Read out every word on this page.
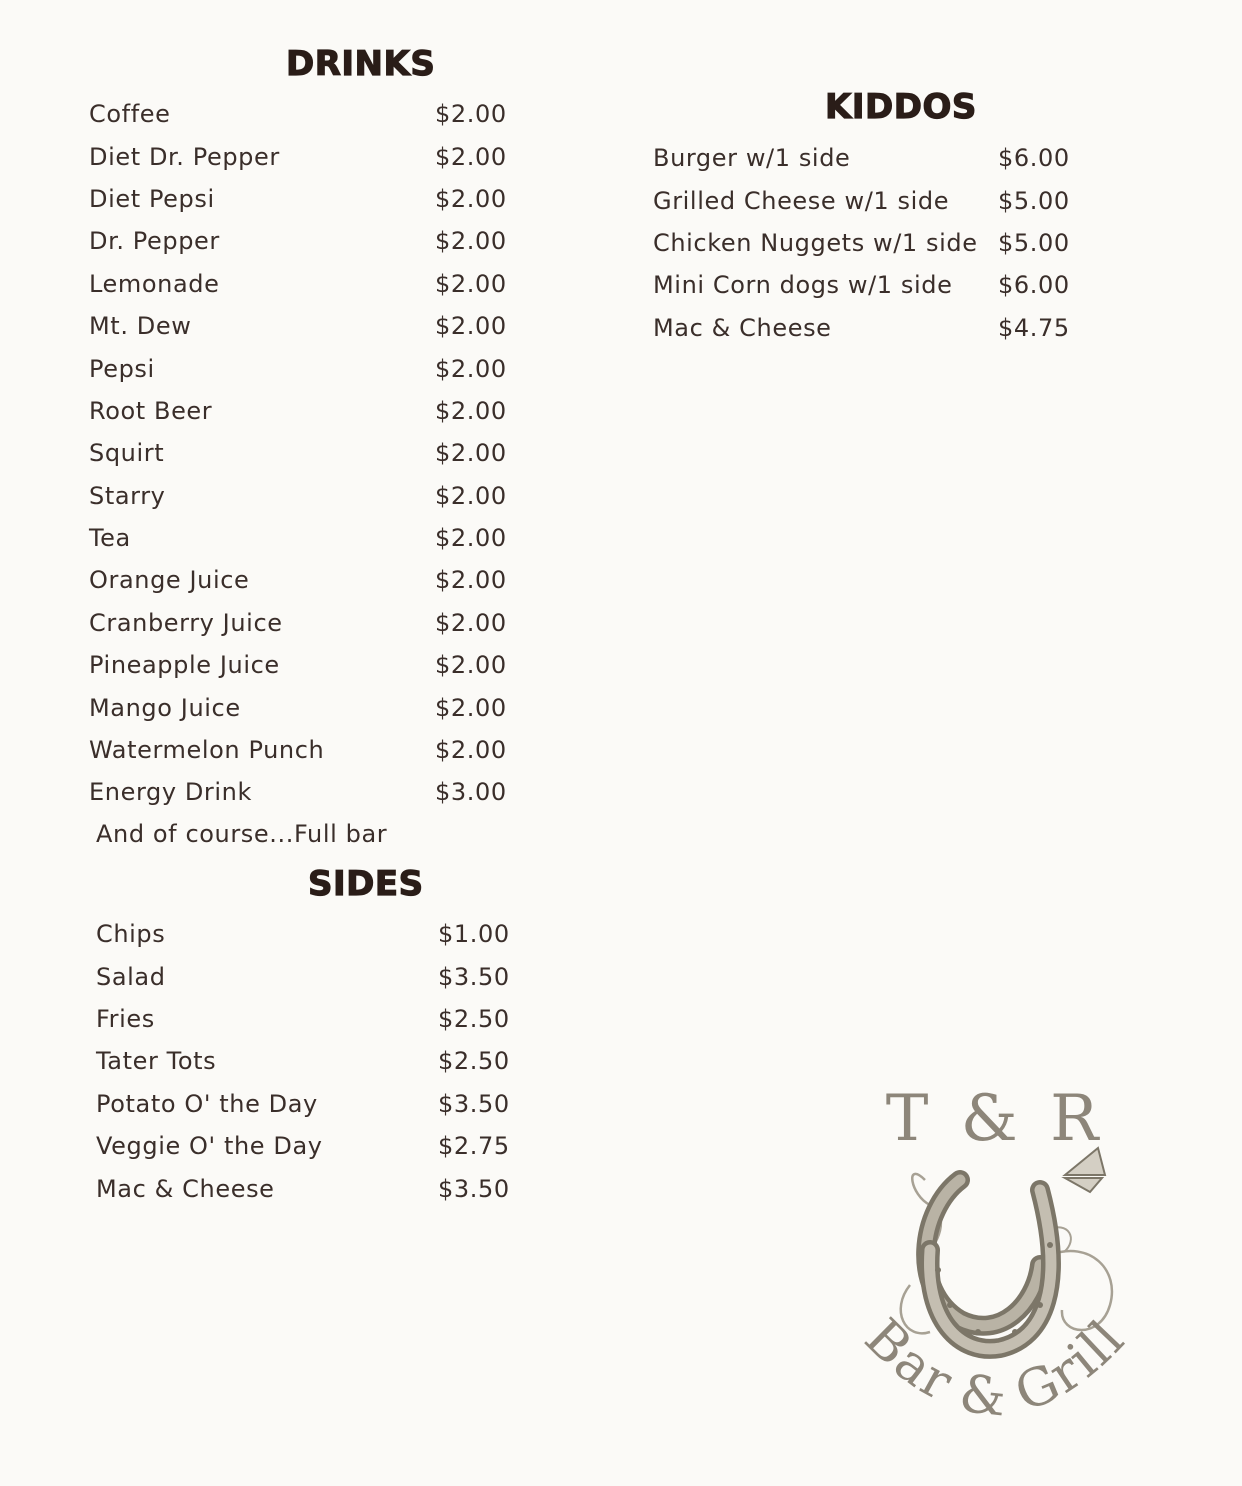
DRINKS
Coffee	$2.00
Diet Dr. Pepper	$2.00
Diet Pepsi	$2.00
Dr. Pepper	$2.00
Lemonade	$2.00
Mt. Dew	$2.00
Pepsi	$2.00
Root Beer	$2.00
Squirt	$2.00
Starry	$2.00
Tea	$2.00
Orange Juice	$2.00
Cranberry Juice	$2.00
Pineapple Juice	$2.00
Mango Juice	$2.00
Watermelon Punch	$2.00
Energy Drink	$3.00
And of course...Full bar
SIDES
Chips	$1.00
Salad	$3.50
Fries	$2.50
Tater Tots	$2.50
Potato O' the Day	$3.50
Veggie O' the Day	$2.75
Mac & Cheese	$3.50
KIDDOS
Burger w/1 side	$6.00
Grilled Cheese w/1 side $5.00
Chicken Nuggets w/1 side $5.00
Mini Corn dogs w/1 side $6.00
Mac & Cheese	$4.75
T & R
Bar & Grill
